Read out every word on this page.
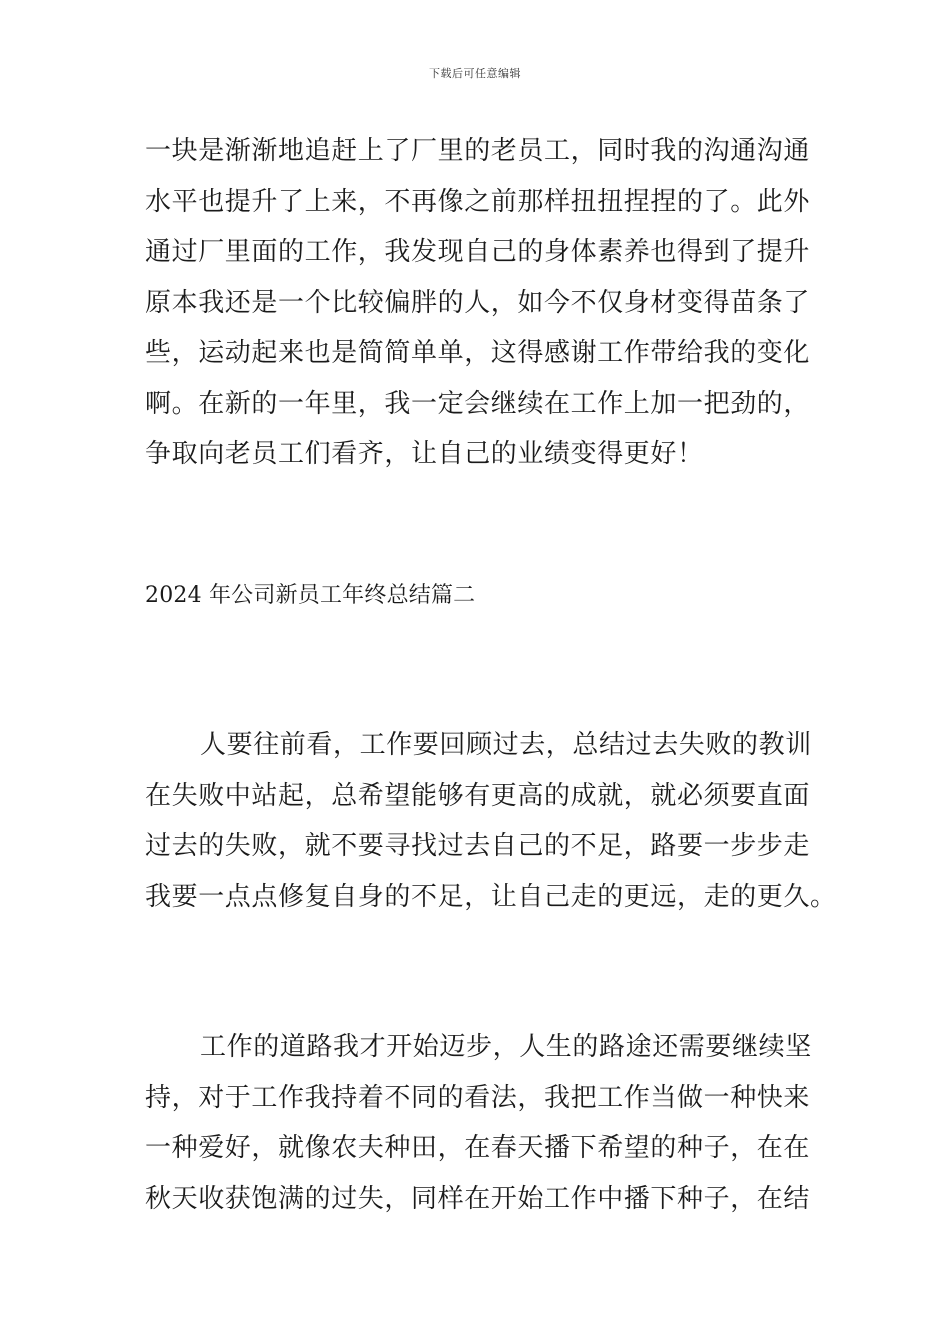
下载后可任意编辑
一块是渐渐地追赶上了厂里的老员工，同时我的沟通沟通
水平也提升了上来，不再像之前那样扭扭捏捏的了。此外
通过厂里面的工作，我发现自己的身体素养也得到了提升
原本我还是一个比较偏胖的人，如今不仅身材变得苗条了
些，运动起来也是简简单单，这得感谢工作带给我的变化
啊。在新的一年里，我一定会继续在工作上加一把劲的，
争取向老员工们看齐，让自己的业绩变得更好！
2024 年公司新员工年终总结篇二
人要往前看，工作要回顾过去，总结过去失败的教训
在失败中站起，总希望能够有更高的成就，就必须要直面
过去的失败，就不要寻找过去自己的不足，路要一步步走
我要一点点修复自身的不足，让自己走的更远，走的更久。
工作的道路我才开始迈步，人生的路途还需要继续坚
持，对于工作我持着不同的看法，我把工作当做一种快来
一种爱好，就像农夫种田，在春天播下希望的种子，在在
秋天收获饱满的过失，同样在开始工作中播下种子，在结
